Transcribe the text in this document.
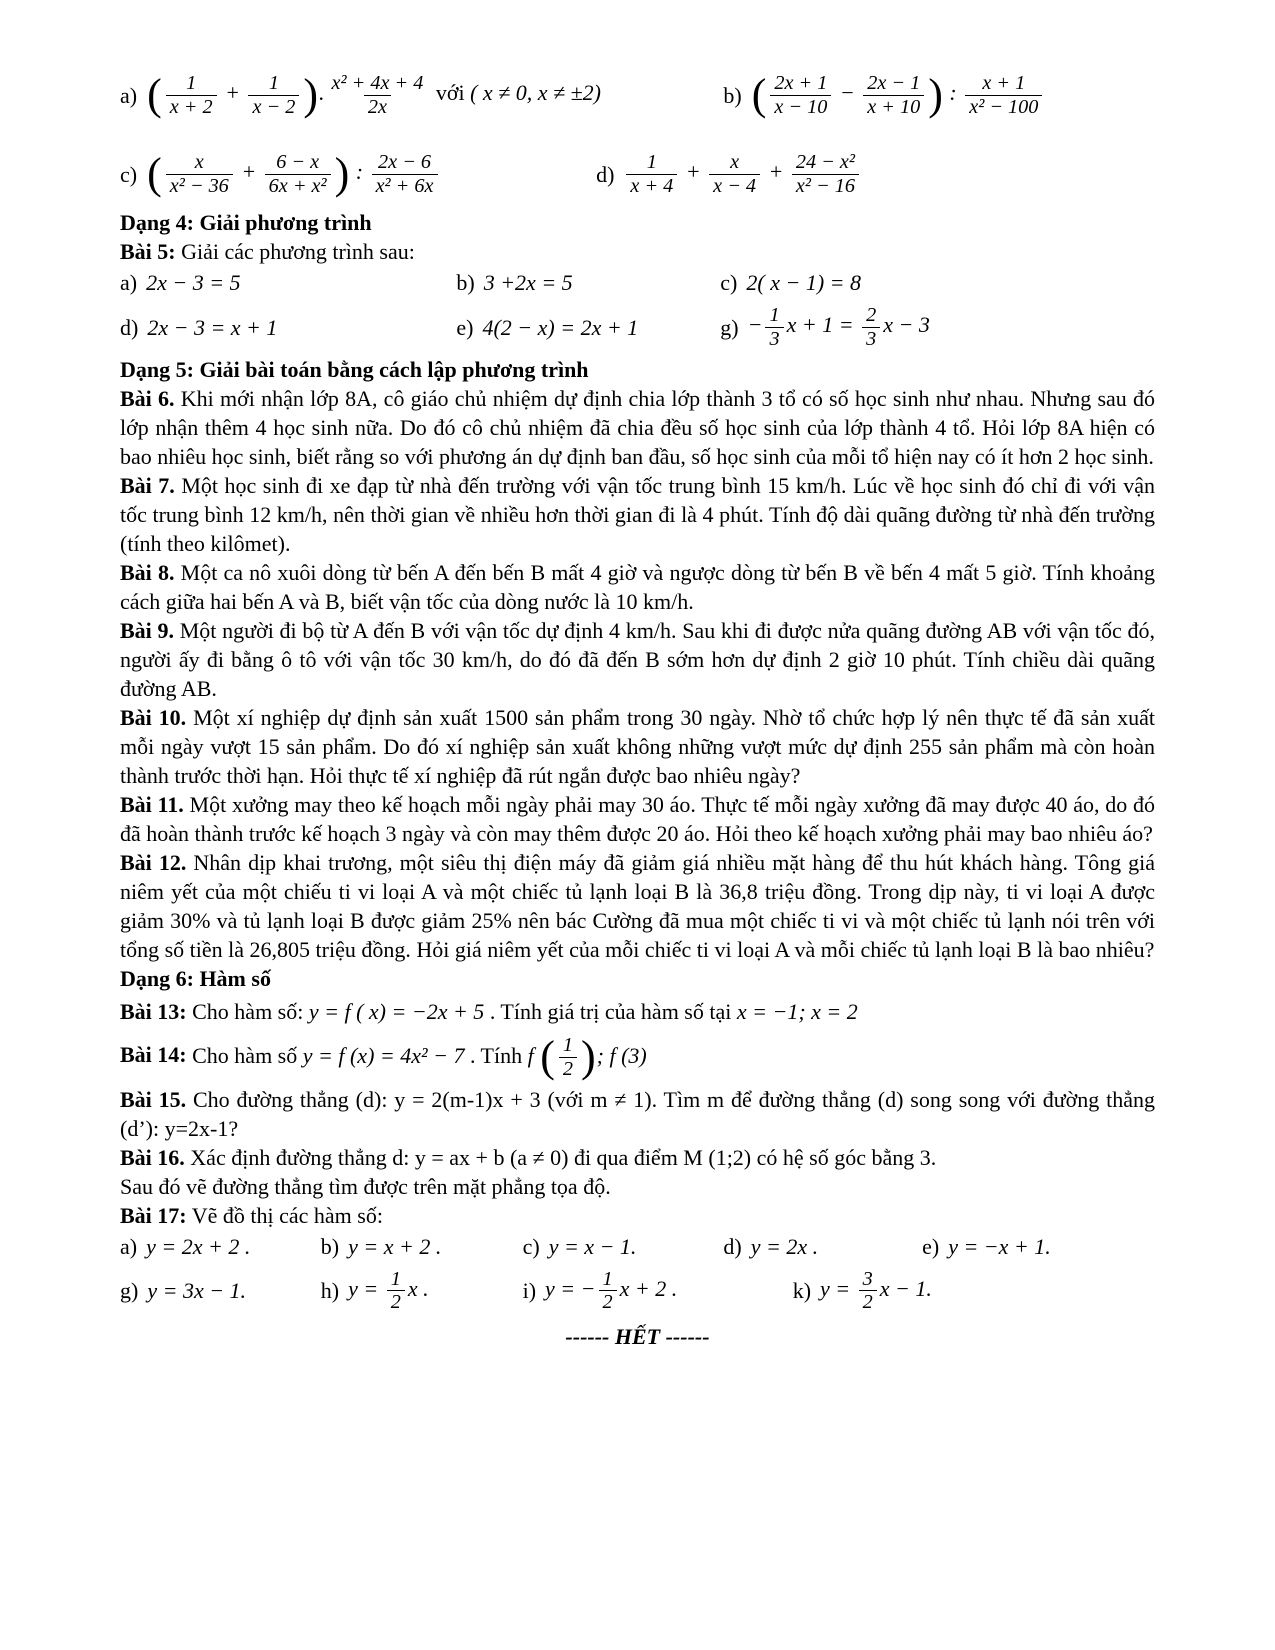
a) ( $\frac{1}{x + 2} + \frac{1}{x - 2}$ ). $\frac{\text{x² + 4x + 4}}{2x}$ với ( x ≠ 0, x ≠ ±2)	b) ( $\frac{2x + 1}{x - 10} - \frac{2x - 1}{x + 10}$ ) : $\frac{x + 1}{\text{x² − 100}}$
c) ( $\frac{x}{\text{x² − 36}} + \frac{6 - x}{\text{6x + x²}}$ ) : $\frac{2x - 6}{\text{x² + 6x}}$	$d) \frac{1}{x + 4} + \frac{x}{x - 4} + \frac{\text{24 − x²}}{\text{x² − 16}}$

Dạng 4: Giải phương trình

Bài 5: Giải các phương trình sau:

a) 2x − 3 = 5	b) 3 +2x = 5	c) 2( x − 1) = 8
d) 2x − 3 = x + 1	e) 4(2 − x) = 2x + 1	$g) - \frac{1}{3}$ $x + 1 = \frac{2}{3}$ x − 3

Dạng 5: Giải bài toán bằng cách lập phương trình

Bài 6. Khi mới nhận lớp 8A, cô giáo chủ nhiệm dự định chia lớp thành 3 tổ có số học sinh như nhau. Nhưng sau đó lớp nhận thêm 4 học sinh nữa. Do đó cô chủ nhiệm đã chia đều số học sinh của lớp thành 4 tổ. Hỏi lớp 8A hiện có bao nhiêu học sinh, biết rằng so với phương án dự định ban đầu, số học sinh của mỗi tổ hiện nay có ít hơn 2 học sinh.

Bài 7. Một học sinh đi xe đạp từ nhà đến trường với vận tốc trung bình 15 km/h. Lúc về học sinh đó chỉ đi với vận tốc trung bình 12 km/h, nên thời gian về nhiều hơn thời gian đi là 4 phút. Tính độ dài quãng đường từ nhà đến trường (tính theo kilômet).

Bài 8. Một ca nô xuôi dòng từ bến A đến bến B mất 4 giờ và ngược dòng từ bến B về bến 4 mất 5 giờ. Tính khoảng cách giữa hai bến A và B, biết vận tốc của dòng nước là 10 km/h.

Bài 9. Một người đi bộ từ A đến B với vận tốc dự định 4 km/h. Sau khi đi được nửa quãng đường AB với vận tốc đó, người ấy đi bằng ô tô với vận tốc 30 km/h, do đó đã đến B sớm hơn dự định 2 giờ 10 phút. Tính chiều dài quãng đường AB.

Bài 10. Một xí nghiệp dự định sản xuất 1500 sản phẩm trong 30 ngày. Nhờ tổ chức hợp lý nên thực tế đã sản xuất mỗi ngày vượt 15 sản phẩm. Do đó xí nghiệp sản xuất không những vượt mức dự định 255 sản phẩm mà còn hoàn thành trước thời hạn. Hỏi thực tế xí nghiệp đã rút ngắn được bao nhiêu ngày?

Bài 11. Một xưởng may theo kế hoạch mỗi ngày phải may 30 áo. Thực tế mỗi ngày xưởng đã may được 40 áo, do đó đã hoàn thành trước kế hoạch 3 ngày và còn may thêm được 20 áo. Hỏi theo kế hoạch xưởng phải may bao nhiêu áo?

Bài 12. Nhân dịp khai trương, một siêu thị điện máy đã giảm giá nhiều mặt hàng để thu hút khách hàng. Tông giá niêm yết của một chiếu ti vi loại A và một chiếc tủ lạnh loại B là 36,8 triệu đồng. Trong dịp này, ti vi loại A được giảm 30% và tủ lạnh loại B được giảm 25% nên bác Cường đã mua một chiếc ti vi và một chiếc tủ lạnh nói trên với tổng số tiền là 26,805 triệu đồng. Hỏi giá niêm yết của mỗi chiếc ti vi loại A và mỗi chiếc tủ lạnh loại B là bao nhiêu?

Dạng 6: Hàm số

Bài 13: Cho hàm số: y = f ( x) = −2x + 5 . Tính giá trị của hàm số tại x = −1; x = 2

Bài 14: Cho hàm số y = f (x) = 4x² − 7 . Tính f ( $\frac{1}{2}$ ); f (3)

Bài 15. Cho đường thẳng (d): y = 2(m-1)x + 3 (với m ≠ 1). Tìm m để đường thẳng (d) song song với đường thẳng (d’): y=2x-1?

Bài 16. Xác định đường thẳng d: y = ax + b (a ≠ 0) đi qua điểm M (1;2) có hệ số góc bằng 3.

Sau đó vẽ đường thẳng tìm được trên mặt phẳng tọa độ.

Bài 17: Vẽ đồ thị các hàm số:

a) y = 2x + 2 .	b) y = x + 2 .	c) y = x − 1.	d) y = 2x .	e) y = −x + 1.
g) y = 3x − 1.	h) $y = \frac{1}{2}$ x .	i) y = − $\frac{1}{2}$ x + 2 .	k) $y = \frac{3}{2}$ x − 1.

------ HẾT ------
